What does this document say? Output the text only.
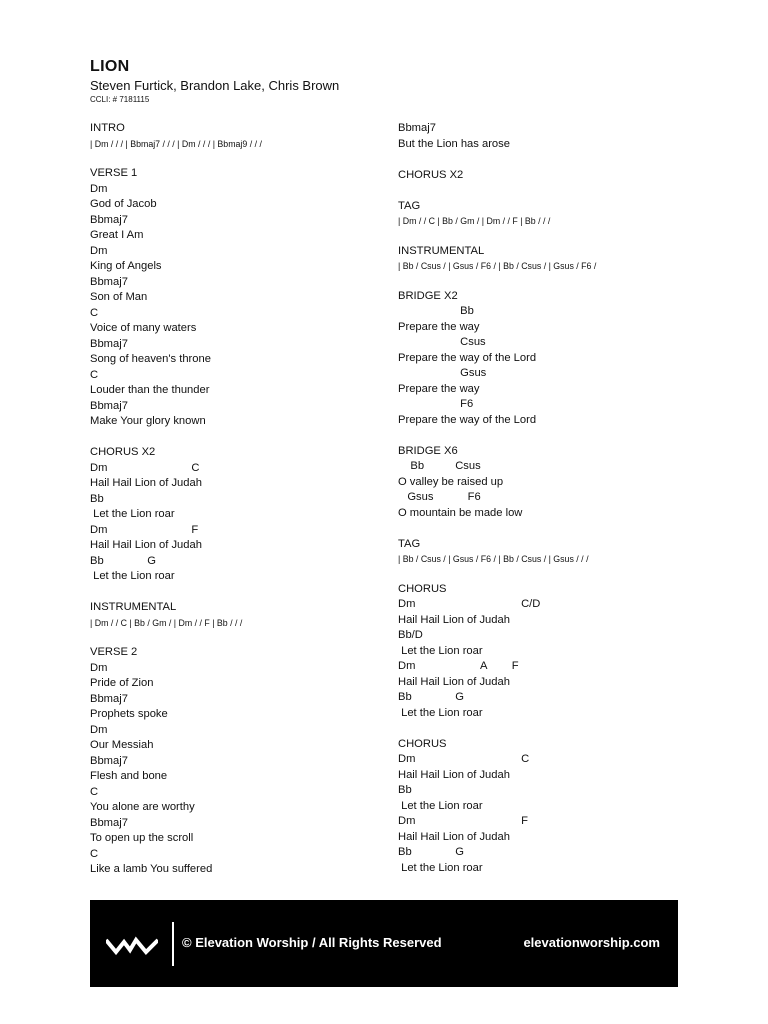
LION
Steven Furtick, Brandon Lake, Chris Brown
CCLI: # 7181115
INTRO
| Dm / / / | Bbmaj7 / / / | Dm / / / | Bbmaj9 / / /
VERSE 1
Dm
God of Jacob
Bbmaj7
Great I Am
Dm
King of Angels
Bbmaj7
Son of Man
C
Voice of many waters
Bbmaj7
Song of heaven's throne
C
Louder than the thunder
Bbmaj7
Make Your glory known
CHORUS X2
Dm                           C
Hail Hail Lion of Judah
Bb
Let the Lion roar
Dm                           F
Hail Hail Lion of Judah
Bb              G
Let the Lion roar
INSTRUMENTAL
| Dm / / C | Bb / Gm / | Dm / / F | Bb / / /
VERSE 2
Dm
Pride of Zion
Bbmaj7
Prophets spoke
Dm
Our Messiah
Bbmaj7
Flesh and bone
C
You alone are worthy
Bbmaj7
To open up the scroll
C
Like a lamb You suffered
Bbmaj7
But the Lion has arose
CHORUS X2
TAG
| Dm / / C | Bb / Gm / | Dm / / F | Bb / / /
INSTRUMENTAL
| Bb / Csus / | Gsus / F6 / | Bb / Csus / | Gsus / F6 /
BRIDGE X2
Bb
Prepare the way
Csus
Prepare the way of the Lord
Gsus
Prepare the way
F6
Prepare the way of the Lord
BRIDGE X6
Bb          Csus
O valley be raised up
Gsus           F6
O mountain be made low
TAG
| Bb / Csus / | Gsus / F6 / | Bb / Csus / | Gsus / / /
CHORUS
Dm                                  C/D
Hail Hail Lion of Judah
Bb/D
Let the Lion roar
Dm                     A        F
Hail Hail Lion of Judah
Bb              G
Let the Lion roar
CHORUS
Dm                                  C
Hail Hail Lion of Judah
Bb
Let the Lion roar
Dm                                  F
Hail Hail Lion of Judah
Bb              G
Let the Lion roar
© Elevation Worship / All Rights Reserved	elevationworship.com
